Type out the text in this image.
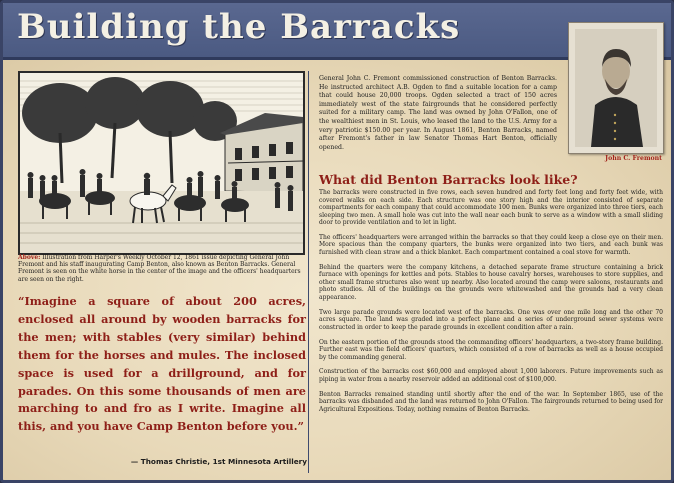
Building the Barracks
Above: Illustration from Harper's Weekly October 12, 1861 issue depicting General John Fremont and his staff inaugurating Camp Benton, also known as Benton Barracks. General Fremont is seen on the white horse in the center of the image and the officers' headquarters are seen on the right.
“Imagine a square of about 200 acres, enclosed all around by wooden barracks for the men; with stables (very similar) behind them for the horses and mules. The inclosed space is used for a drillground, and for parades. On this some thousands of men are marching to and fro as I write. Imagine all this, and you have Camp Benton before you.”
— Thomas Christie, 1st Minnesota Artillery
General John C. Fremont commissioned construction of Benton Barracks. He instructed architect A.B. Ogden to find a suitable location for a camp that could house 20,000 troops. Ogden selected a tract of 150 acres immediately west of the state fairgrounds that he considered perfectly suited for a military camp. The land was owned by John O'Fallon, one of the wealthiest men in St. Louis, who leased the land to the U.S. Army for a very patriotic $150.00 per year. In August 1861, Benton Barracks, named after Fremont's father in law Senator Thomas Hart Benton, officially opened.
John C. Fremont
What did Benton Barracks look like?

The barracks were constructed in five rows, each seven hundred and forty feet long and forty feet wide, with covered walks on each side. Each structure was one story high and the interior consisted of separate compartments for each company that could accommodate 100 men. Bunks were organized into three tiers, each sleeping two men. A small hole was cut into the wall near each bunk to serve as a window with a small sliding door to provide ventilation and to let in light.

The officers' headquarters were arranged within the barracks so that they could keep a close eye on their men. More spacious than the company quarters, the bunks were organized into two tiers, and each bunk was furnished with clean straw and a thick blanket. Each compartment contained a coal stove for warmth.

Behind the quarters were the company kitchens, a detached separate frame structure containing a brick furnace with openings for kettles and pots. Stables to house cavalry horses, warehouses to store supplies, and other small frame structures also went up nearby. Also located around the camp were saloons, restaurants and photo studios. All of the buildings on the grounds were whitewashed and the grounds had a very clean appearance.

Two large parade grounds were located west of the barracks. One was over one mile long and the other 70 acres square. The land was graded into a perfect plane and a series of underground sewer systems were constructed in order to keep the parade grounds in excellent condition after a rain.

On the eastern portion of the grounds stood the commanding officers' headquarters, a two-story frame building. Further east was the field officers' quarters, which consisted of a row of barracks as well as a house occupied by the commanding general.

Construction of the barracks cost $60,000 and employed about 1,000 laborers. Future improvements such as piping in water from a nearby reservoir added an additional cost of $100,000.

Benton Barracks remained standing until shortly after the end of the war. In September 1865, use of the barracks was disbanded and the land was returned to John O'Fallon. The fairgrounds returned to being used for Agricultural Expositions. Today, nothing remains of Benton Barracks.
